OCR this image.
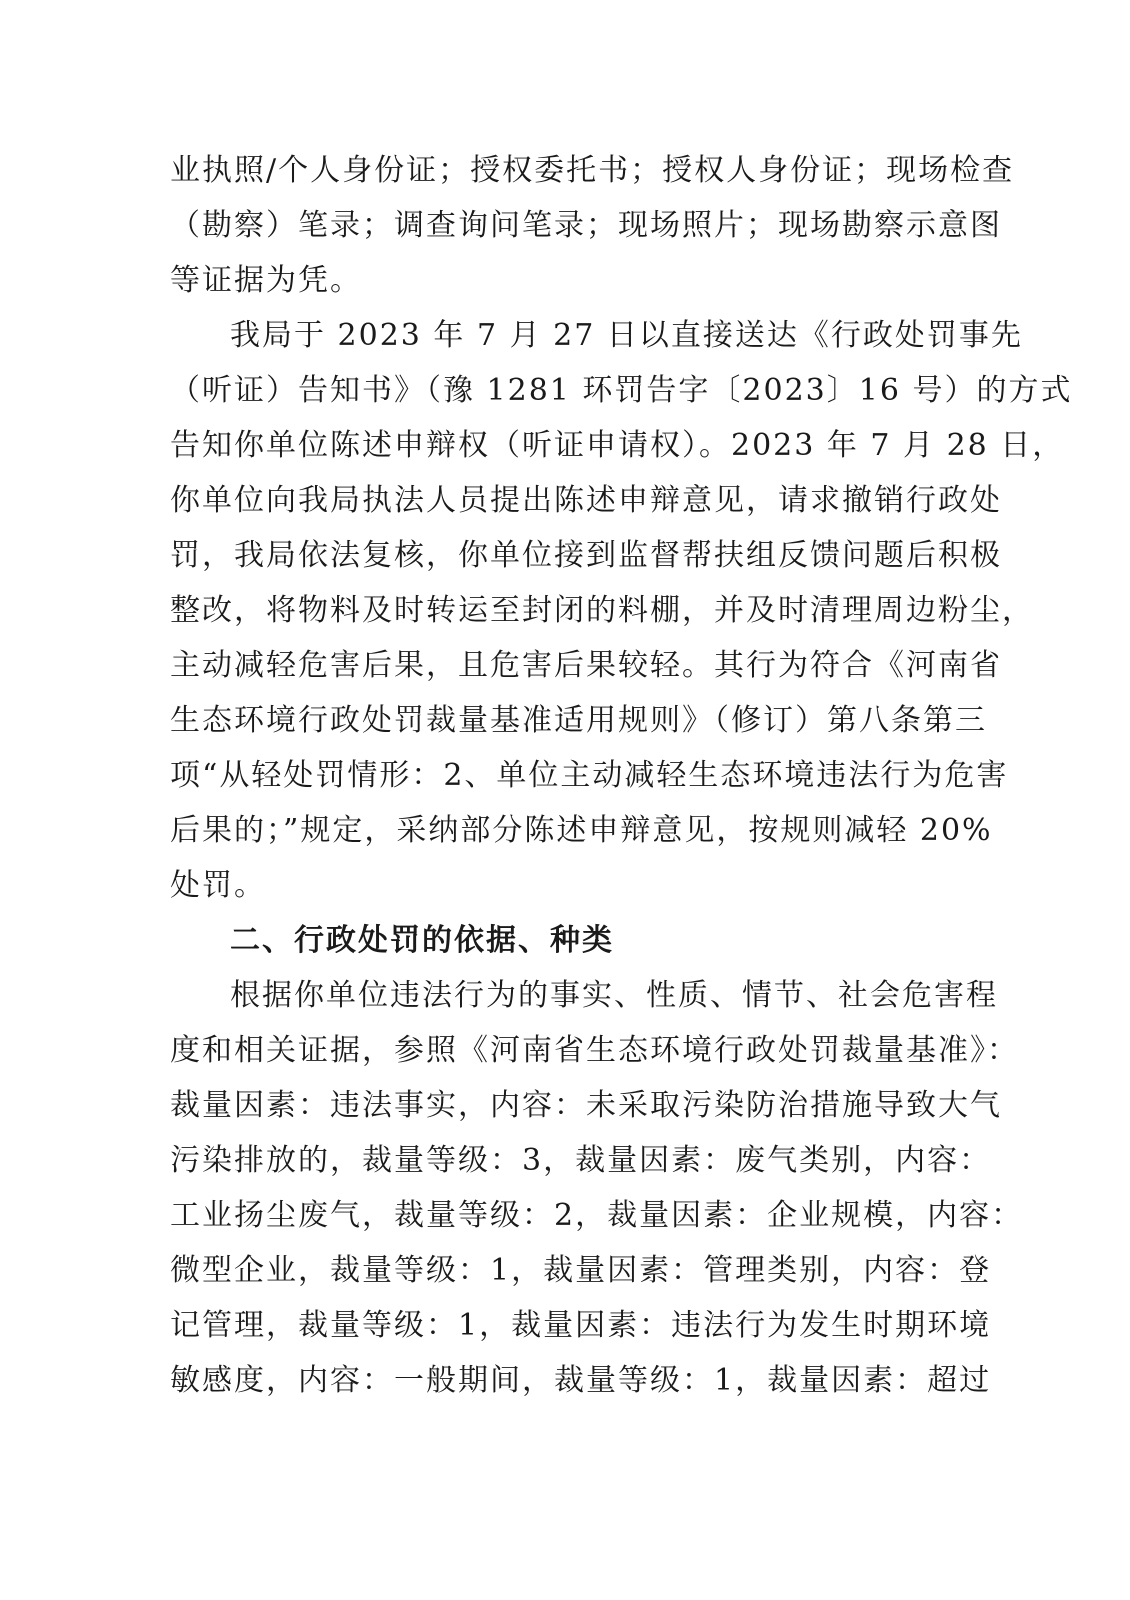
业执照/个人身份证；授权委托书；授权人身份证；现场检查
（勘察）笔录；调查询问笔录；现场照片；现场勘察示意图
等证据为凭。
我局于 2023 年 7 月 27 日以直接送达《行政处罚事先
（听证）告知书》（豫 1281 环罚告字〔2023〕16 号）的方式
告知你单位陈述申辩权（听证申请权）。2023 年 7 月 28 日，
你单位向我局执法人员提出陈述申辩意见，请求撤销行政处
罚，我局依法复核，你单位接到监督帮扶组反馈问题后积极
整改，将物料及时转运至封闭的料棚，并及时清理周边粉尘，
主动减轻危害后果，且危害后果较轻。其行为符合《河南省
生态环境行政处罚裁量基准适用规则》（修订）第八条第三
项“从轻处罚情形：2、单位主动减轻生态环境违法行为危害
后果的；”规定，采纳部分陈述申辩意见，按规则减轻 20%
处罚。
二、行政处罚的依据、种类
根据你单位违法行为的事实、性质、情节、社会危害程
度和相关证据，参照《河南省生态环境行政处罚裁量基准》：
裁量因素：违法事实，内容：未采取污染防治措施导致大气
污染排放的，裁量等级：3，裁量因素：废气类别，内容：
工业扬尘废气，裁量等级：2，裁量因素：企业规模，内容：
微型企业，裁量等级：1，裁量因素：管理类别，内容：登
记管理，裁量等级：1，裁量因素：违法行为发生时期环境
敏感度，内容：一般期间，裁量等级：1，裁量因素：超过
